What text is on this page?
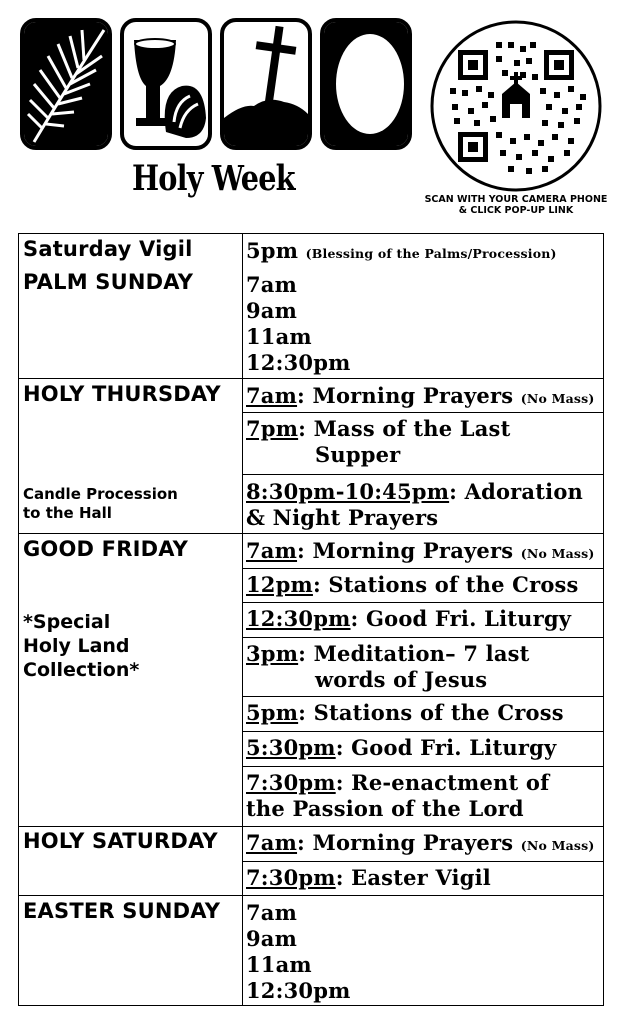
Holy Week
SCAN WITH YOUR CAMERA PHONE
& CLICK POP-UP LINK
Saturday Vigil	5pm (Blessing of the Palms/Procession)
PALM SUNDAY	7am
9am
11am
12:30pm
HOLY THURSDAY
Candle Procession
to the Hall
7am: Morning Prayers (No Mass)
7pm: Mass of the Last
Supper
8:30pm-10:45pm: Adoration
& Night Prayers
GOOD FRIDAY
*Special
Holy Land
Collection*
7am: Morning Prayers (No Mass)
12pm: Stations of the Cross
12:30pm: Good Fri. Liturgy
3pm: Meditation– 7 last
words of Jesus
5pm: Stations of the Cross
5:30pm: Good Fri. Liturgy
7:30pm: Re-enactment of
the Passion of the Lord
HOLY SATURDAY 7am: Morning Prayers (No Mass)
7:30pm: Easter Vigil
EASTER SUNDAY 7am
9am
11am
12:30pm
